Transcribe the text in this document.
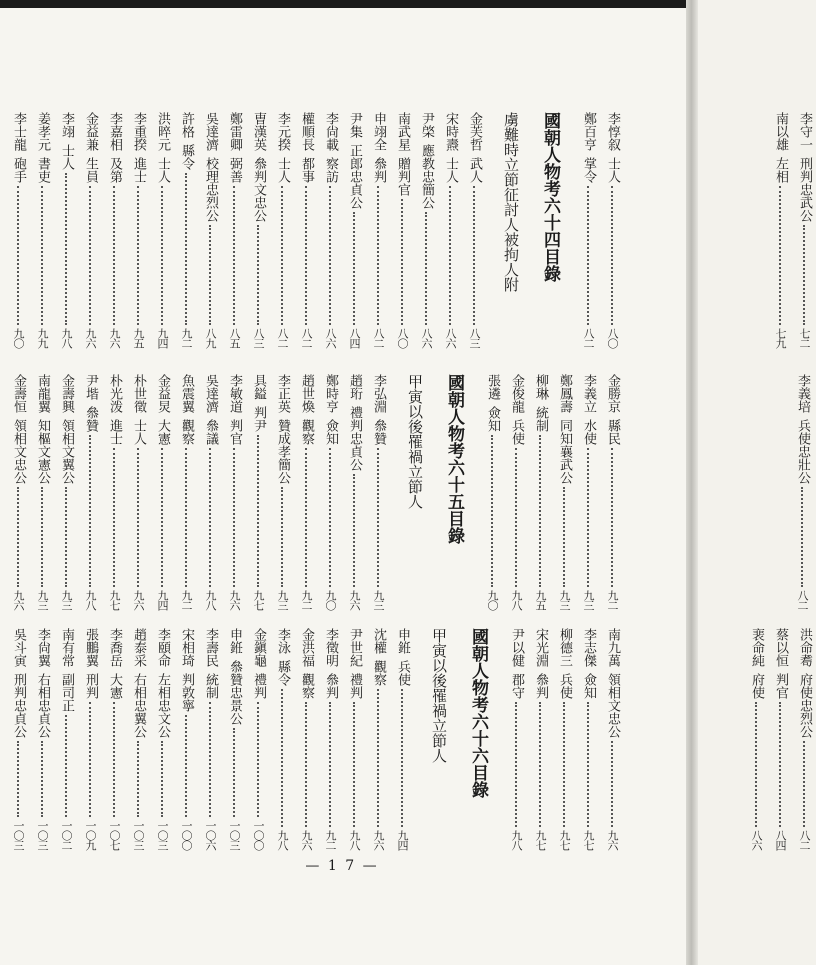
李惇叙
士人
八〇
鄭百亨
掌令
八二
國朝人物考六十四目錄
虜難時立節征討人被拘人附
金芙哲
武人
八三
宋時燾
士人
八六
尹棨
應教忠簡公
八六
南武星
贈判官
八〇
申翊全
叅判
八二
尹集
正郎忠貞公
八四
李尙載
察訪
八六
權順長
都事
八二
李元揆
士人
八二
曺漢英
叅判文忠公
八三
鄭雷卿
弼善
八五
吳達濟
校理忠烈公
八九
許格
縣令
九二
洪晬元
士人
九四
李重揆
進士
九五
李嘉相
及第
九六
金益兼
生員
九六
李翊
士人
九八
姜孝元
書吏
九九
李士龍
砲手
九〇
金勝京
縣民
九二
李義立
水使
九三
鄭鳳壽
同知襄武公
九三
柳琳
統制
九五
金俊龍
兵使
九八
張遴
僉知
九〇
國朝人物考六十五目錄
甲寅以後罹禍立節人
李弘淵
叅贊
九三
趙珩
禮判忠貞公
九六
鄭時亨
僉知
九〇
趙世煥
觀察
九二
李正英
贊成孝簡公
九三
具鎰
判尹
九七
李敏道
判官
九六
吳達濟
叅議
九八
魚震翼
觀察
九二
金益炅
大憲
九四
朴世徵
士人
九六
朴光泼
進士
九七
尹堦
叅贊
九八
金壽興
領相文翼公
九三
南龍翼
知樞文憲公
九三
金壽恒
領相文忠公
九六
南九萬
領相文忠公
九六
李志傑
僉知
九七
柳德三
兵使
九七
宋光淵
叅判
九七
尹以健
郡守
九八
國朝人物考六十六目錄
甲寅以後罹禍立節人
申銋
兵使
九四
沈權
觀察
九六
尹世紀
禮判
九八
李徵明
叅判
九二
金洪福
觀察
九六
李泳
縣令
九八
金鎭龜
禮判
一〇〇
申銋
叅贊忠景公
一〇三
李壽民
統制
一〇六
宋相琦
判敦寧
一〇〇
李頤命
左相忠文公
一〇三
趙泰采
右相忠翼公
一〇三
李喬岳
大憲
一〇七
張鵬翼
刑判
一〇九
南有常
副司正
一〇二
李尙翼
右相忠貞公
一〇三
吳斗寅
刑判忠貞公
一〇三
— 1 7 —
李守一
刑判忠武公
七二
南以雄
左相
七九
李義培
兵使忠壯公
八二
洪命耈
府使忠烈公
八二
蔡以恒
判官
八四
裵命純
府使
八六
